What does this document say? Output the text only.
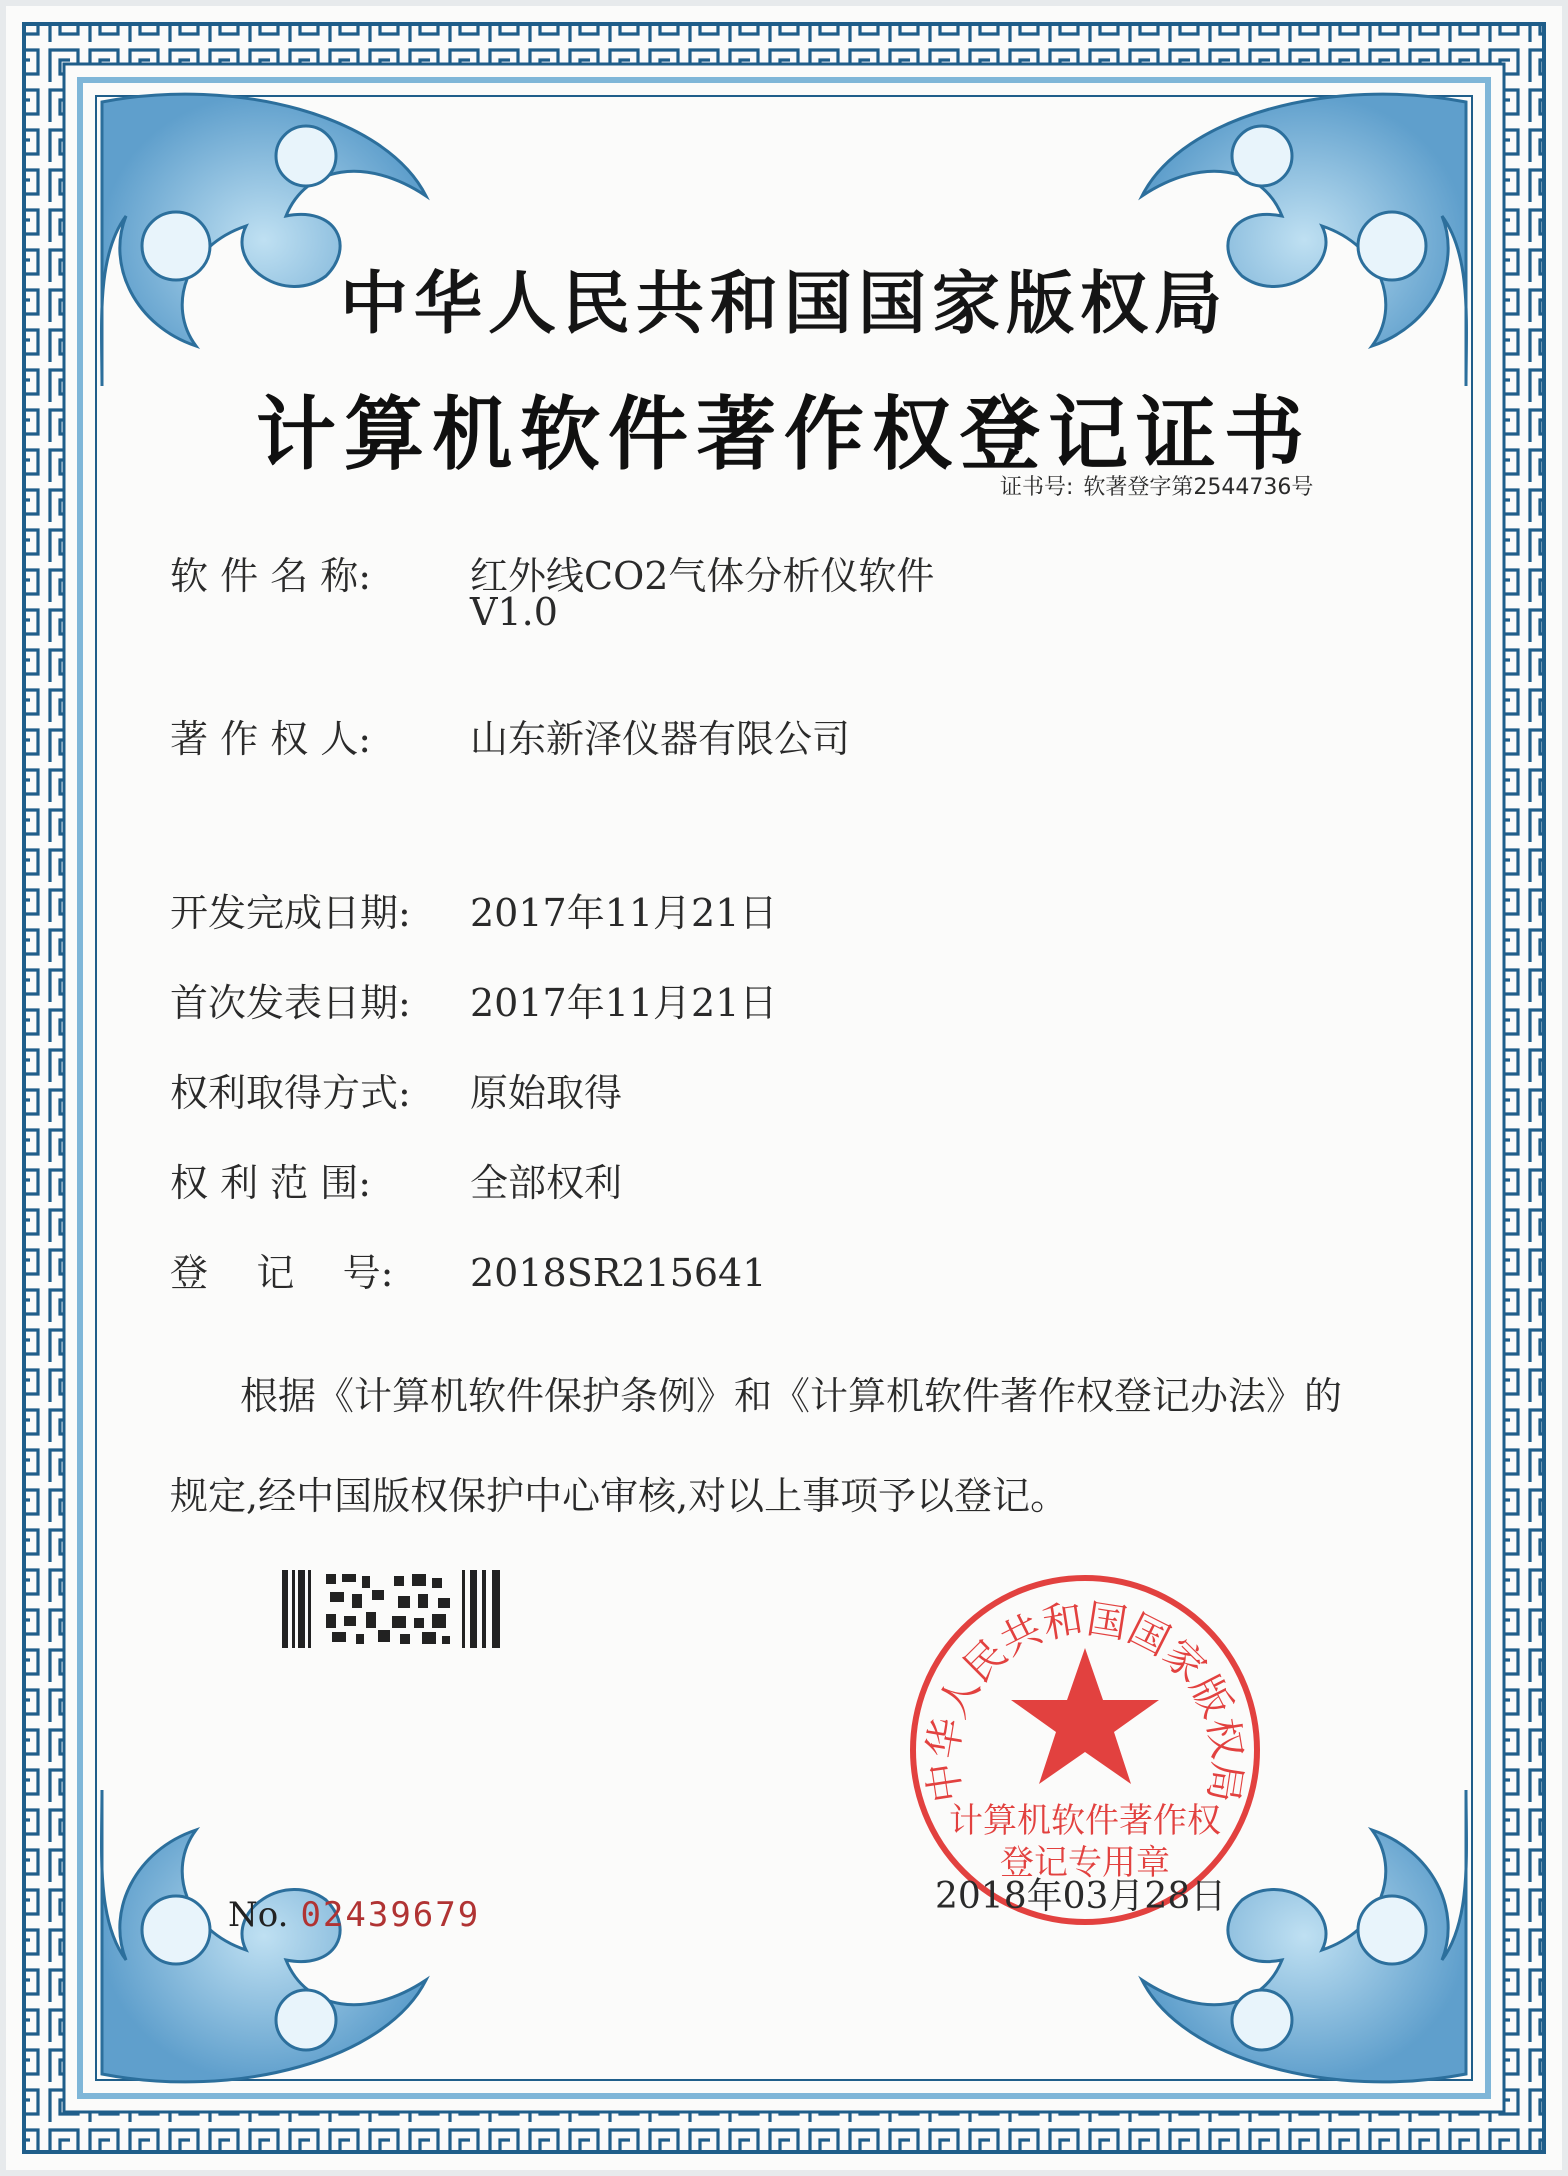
中华人民共和国国家版权局
计算机软件著作权登记证书
证书号: 软著登字第2544736号
软 件 名 称:	红外线CO2气体分析仪软件
V1.0
著 作 权 人:	山东新泽仪器有限公司
开发完成日期: 2017年11月21日
首次发表日期: 2017年11月21日
权利取得方式: 原始取得
权 利 范 围:	全部权利
登    记    号: 2018SR215641
根据《计算机软件保护条例》和《计算机软件著作权登记办法》的
规定,经中国版权保护中心审核,对以上事项予以登记。
中华人民共和国国家版权局
计算机软件著作权
登记专用章
2018年03月28日
No. 02439679
